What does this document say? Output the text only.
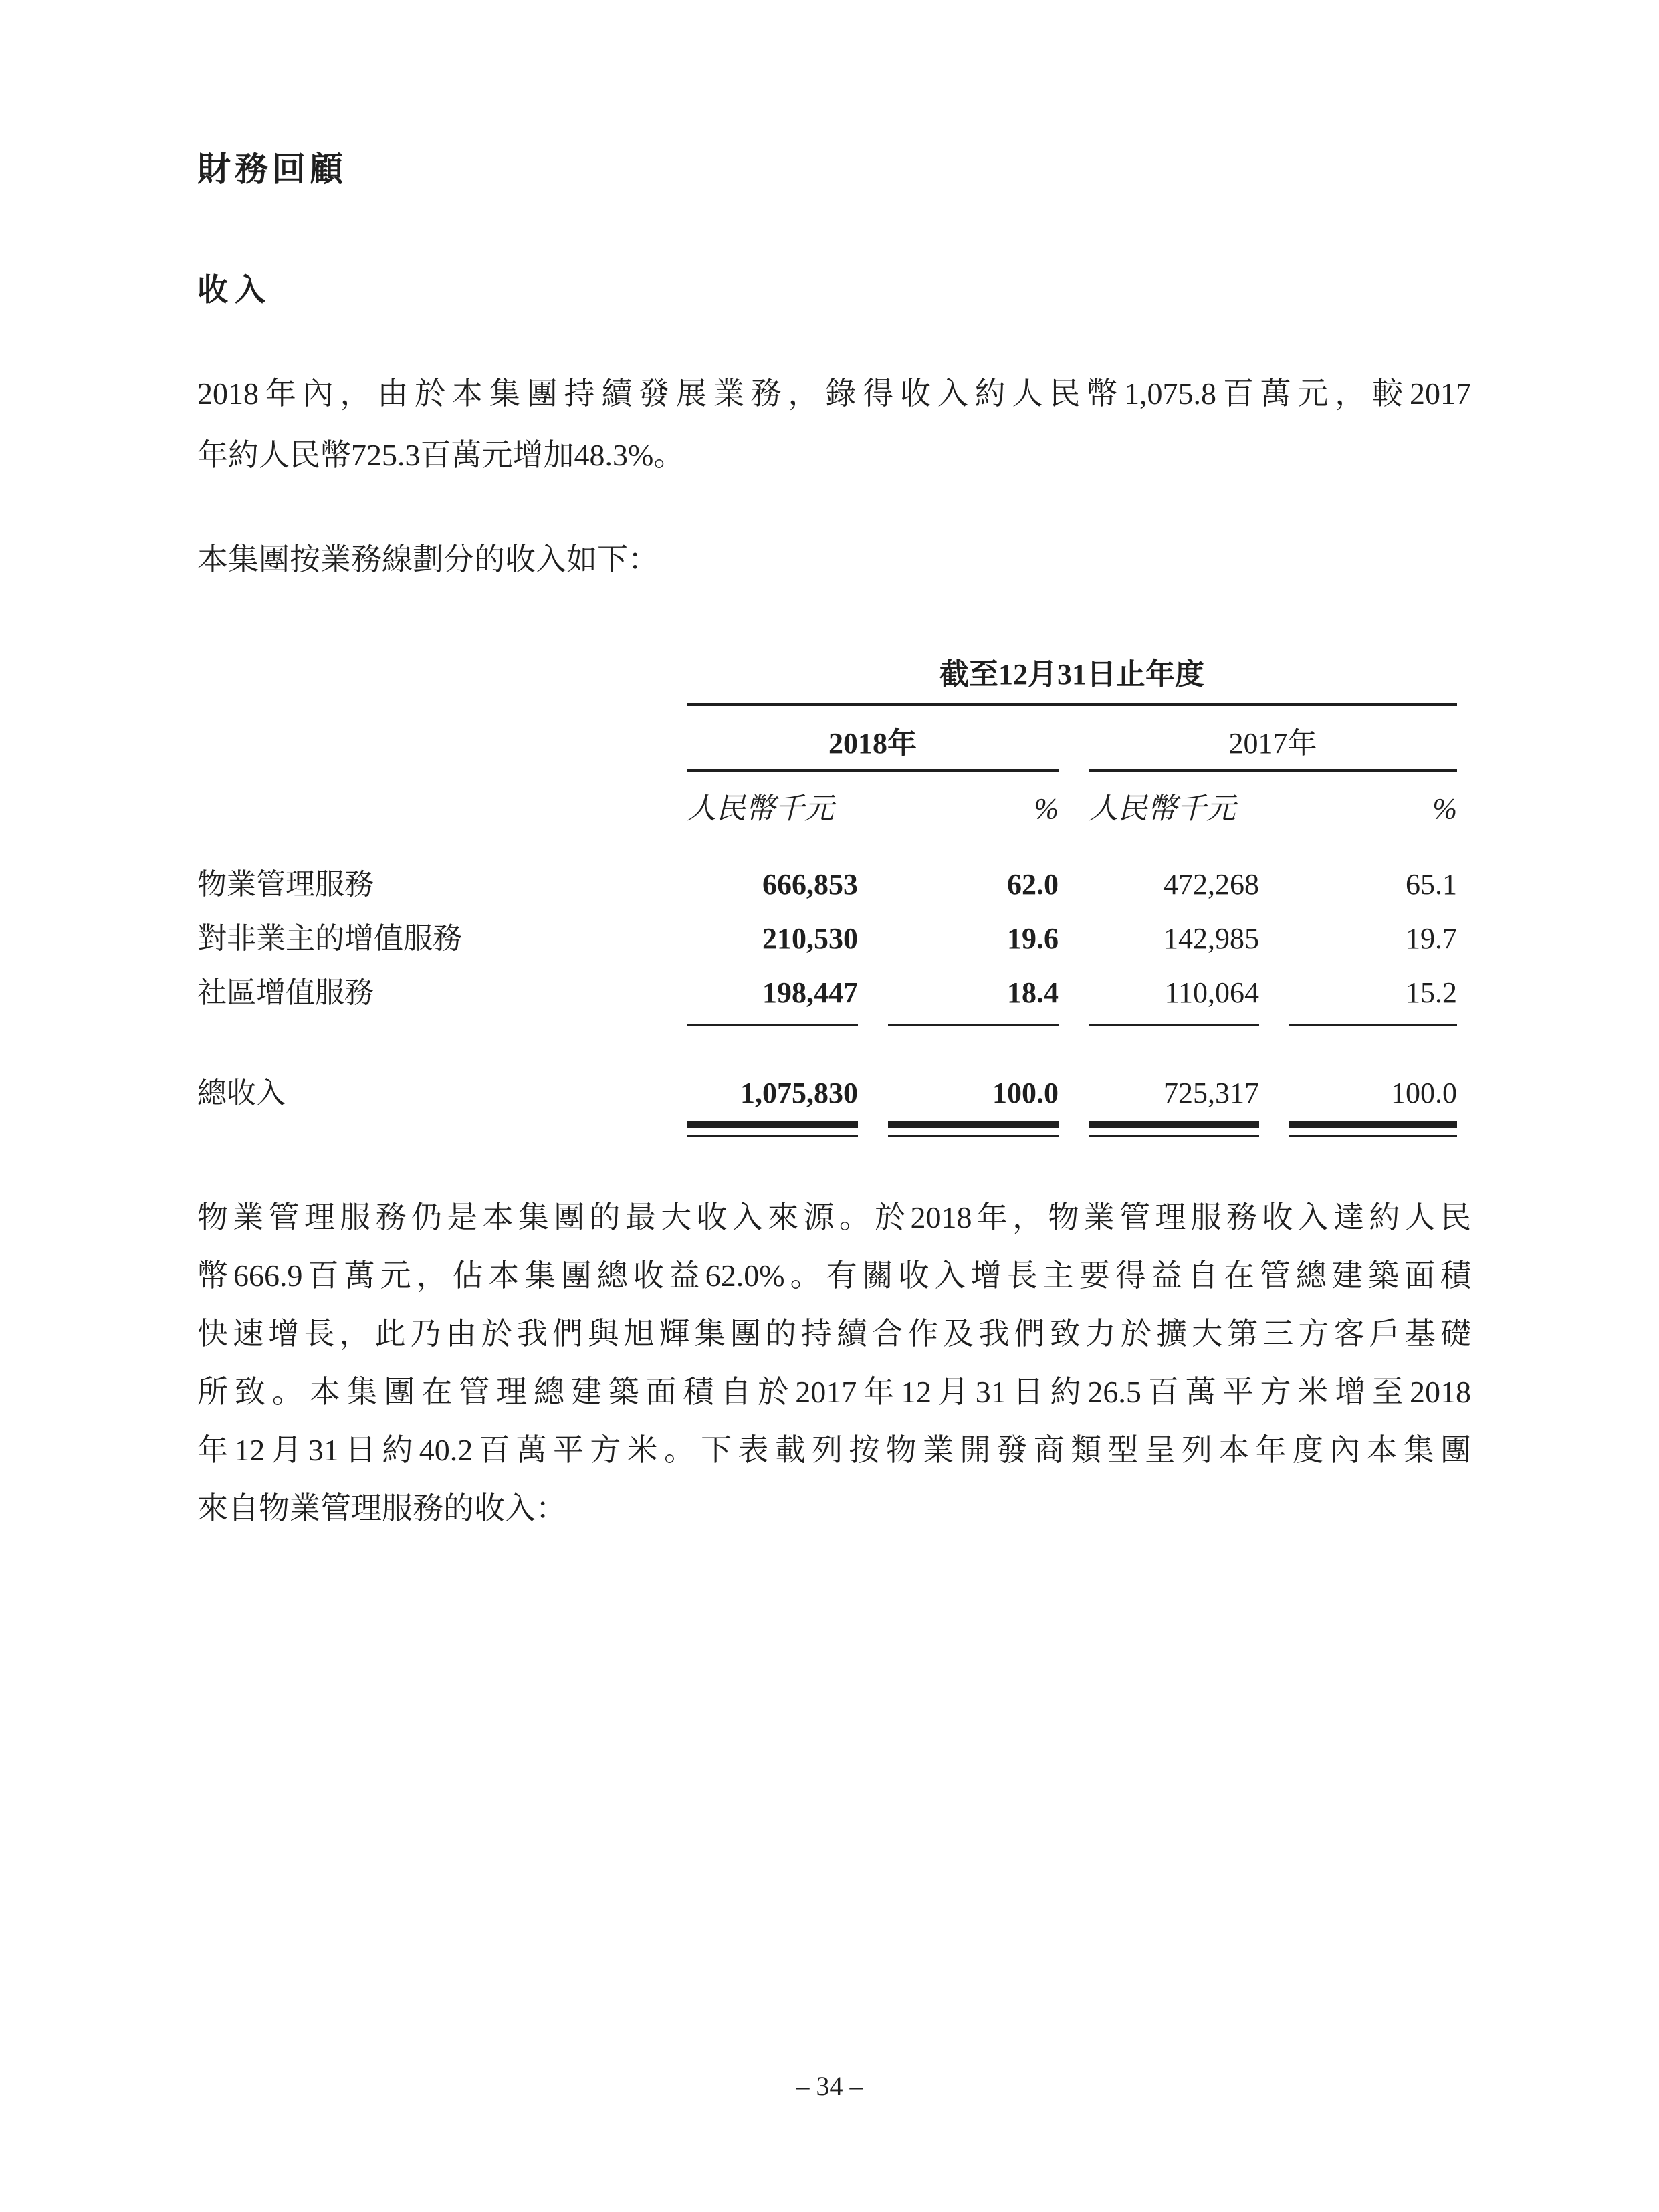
財務回顧
收入
2018年內，由於本集團持續發展業務，錄得收入約人民幣1,075.8百萬元，較2017
年約人民幣725.3百萬元增加48.3%。
本集團按業務線劃分的收入如下：
截至12月31日止年度
2018年	2017年
人民幣千元	% 人民幣千元	%
物業管理服務	666,853	62.0	472,268	65.1
對非業主的增值服務	210,530	19.6	142,985	19.7
社區增值服務	198,447	18.4	110,064	15.2
總收入	1,075,830	100.0	725,317	100.0
物業管理服務仍是本集團的最大收入來源。於2018年，物業管理服務收入達約人民
幣666.9百萬元，佔本集團總收益62.0%。有關收入增長主要得益自在管總建築面積
快速增長，此乃由於我們與旭輝集團的持續合作及我們致力於擴大第三方客戶基礎
所致。本集團在管理總建築面積自於2017年12月31日約26.5百萬平方米增至2018
年12月31日約40.2百萬平方米。下表載列按物業開發商類型呈列本年度內本集團
來自物業管理服務的收入：
– 34 –
